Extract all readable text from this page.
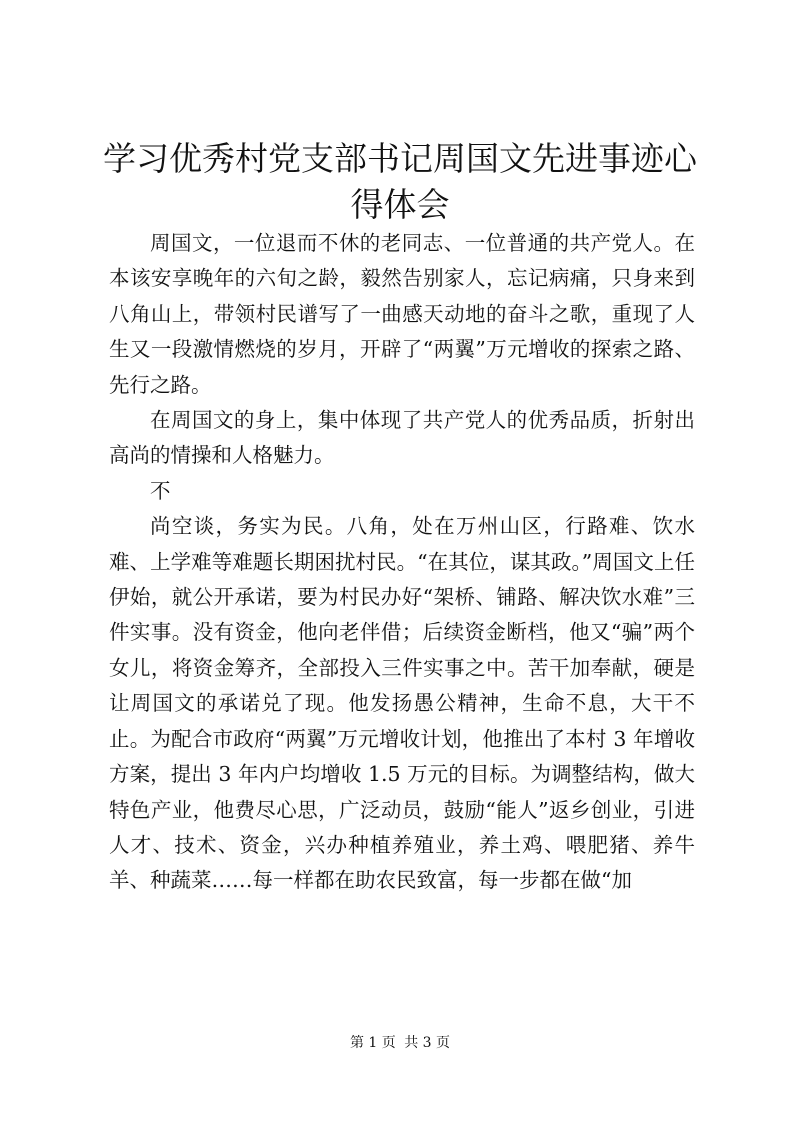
学习优秀村党支部书记周国文先进事迹心得体会

周国文，一位退而不休的老同志、一位普通的共产党人。在本该安享晚年的六旬之龄，毅然告别家人，忘记病痛，只身来到八角山上，带领村民谱写了一曲感天动地的奋斗之歌，重现了人生又一段激情燃烧的岁月，开辟了“两翼”万元增收的探索之路、先行之路。

在周国文的身上，集中体现了共产党人的优秀品质，折射出高尚的情操和人格魅力。

不

尚空谈，务实为民。八角，处在万州山区，行路难、饮水难、上学难等难题长期困扰村民。“在其位，谋其政。”周国文上任伊始，就公开承诺，要为村民办好“架桥、铺路、解决饮水难”三件实事。没有资金，他向老伴借；后续资金断档，他又“骗”两个女儿，将资金筹齐，全部投入三件实事之中。苦干加奉献，硬是让周国文的承诺兑了现。他发扬愚公精神，生命不息，大干不止。为配合市政府“两翼”万元增收计划，他推出了本村 3 年增收方案，提出 3 年内户均增收 1.5 万元的目标。为调整结构，做大特色产业，他费尽心思，广泛动员，鼓励“能人”返乡创业，引进人才、技术、资金，兴办种植养殖业，养土鸡、喂肥猪、养牛羊、种蔬菜……每一样都在助农民致富，每一步都在做“加

第 1 页 共 3 页
